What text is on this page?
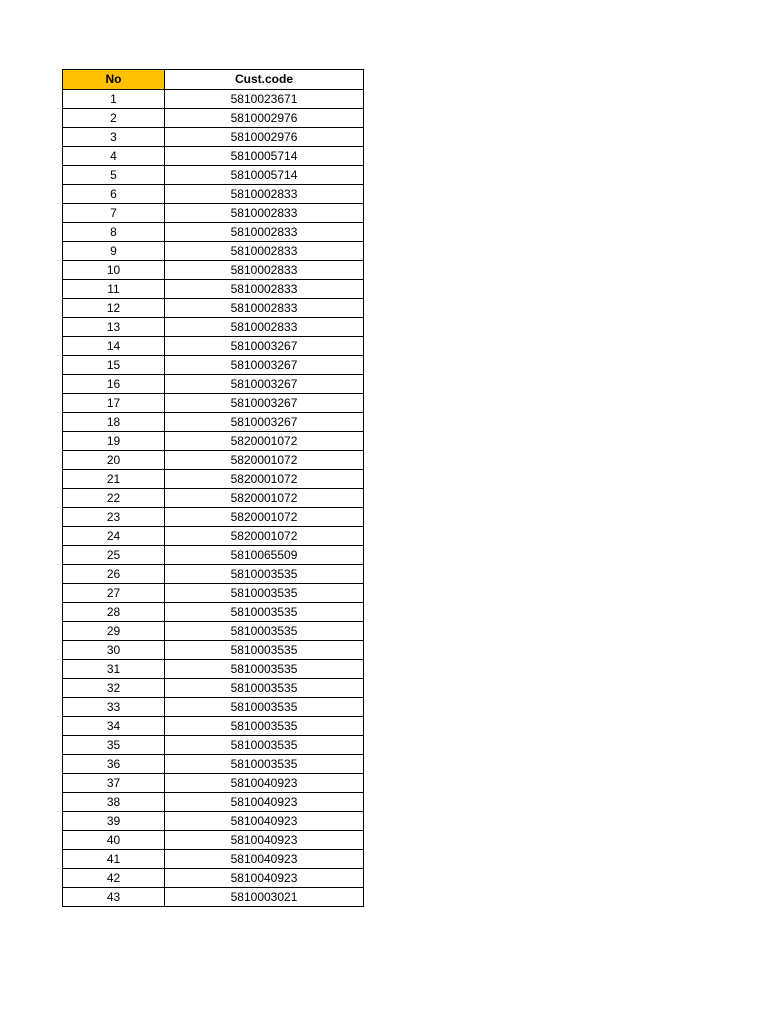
No	Cust.code
1	5810023671
2	5810002976
3	5810002976
4	5810005714
5	5810005714
6	5810002833
7	5810002833
8	5810002833
9	5810002833
10	5810002833
11	5810002833
12	5810002833
13	5810002833
14	5810003267
15	5810003267
16	5810003267
17	5810003267
18	5810003267
19	5820001072
20	5820001072
21	5820001072
22	5820001072
23	5820001072
24	5820001072
25	5810065509
26	5810003535
27	5810003535
28	5810003535
29	5810003535
30	5810003535
31	5810003535
32	5810003535
33	5810003535
34	5810003535
35	5810003535
36	5810003535
37	5810040923
38	5810040923
39	5810040923
40	5810040923
41	5810040923
42	5810040923
43	5810003021
